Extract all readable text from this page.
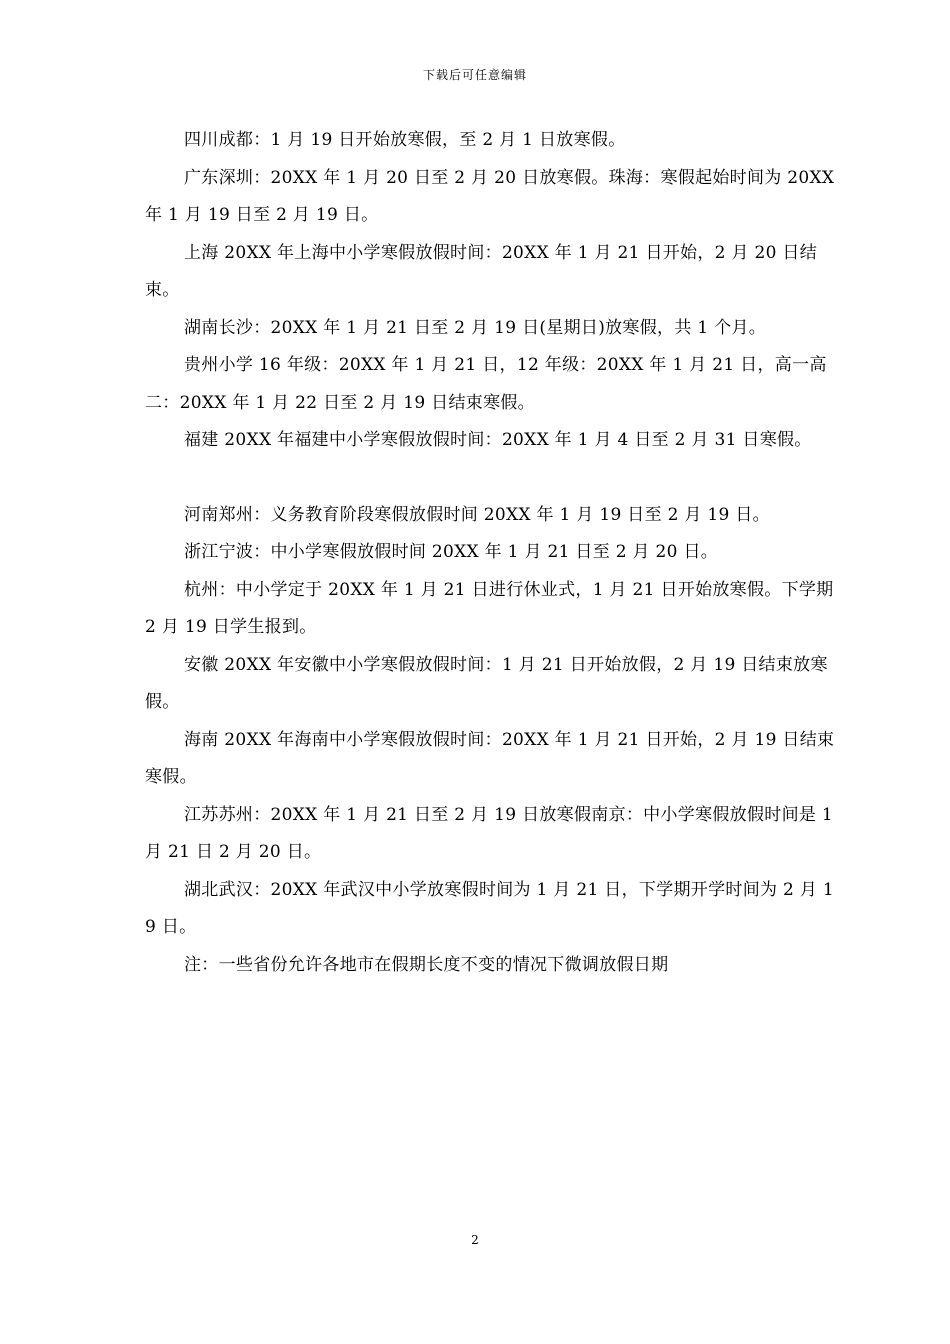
下载后可任意编辑

四川成都：1 月 19 日开始放寒假，至 2 月 1 日放寒假。

广东深圳：20XX 年 1 月 20 日至 2 月 20 日放寒假。珠海：寒假起始时间为 20XX 年 1 月 19 日至 2 月 19 日。

上海 20XX 年上海中小学寒假放假时间：20XX 年 1 月 21 日开始，2 月 20 日结束。

湖南长沙：20XX 年 1 月 21 日至 2 月 19 日(星期日)放寒假，共 1 个月。

贵州小学 16 年级：20XX 年 1 月 21 日，12 年级：20XX 年 1 月 21 日，高一高二：20XX 年 1 月 22 日至 2 月 19 日结束寒假。

福建 20XX 年福建中小学寒假放假时间：20XX 年 1 月 4 日至 2 月 31 日寒假。

河南郑州：义务教育阶段寒假放假时间 20XX 年 1 月 19 日至 2 月 19 日。

浙江宁波：中小学寒假放假时间 20XX 年 1 月 21 日至 2 月 20 日。

杭州：中小学定于 20XX 年 1 月 21 日进行休业式，1 月 21 日开始放寒假。下学期 2 月 19 日学生报到。

安徽 20XX 年安徽中小学寒假放假时间：1 月 21 日开始放假，2 月 19 日结束放寒假。

海南 20XX 年海南中小学寒假放假时间：20XX 年 1 月 21 日开始，2 月 19 日结束寒假。

江苏苏州：20XX 年 1 月 21 日至 2 月 19 日放寒假南京：中小学寒假放假时间是 1 月 21 日 2 月 20 日。

湖北武汉：20XX 年武汉中小学放寒假时间为 1 月 21 日，下学期开学时间为 2 月 19 日。

注：一些省份允许各地市在假期长度不变的情况下微调放假日期

2
